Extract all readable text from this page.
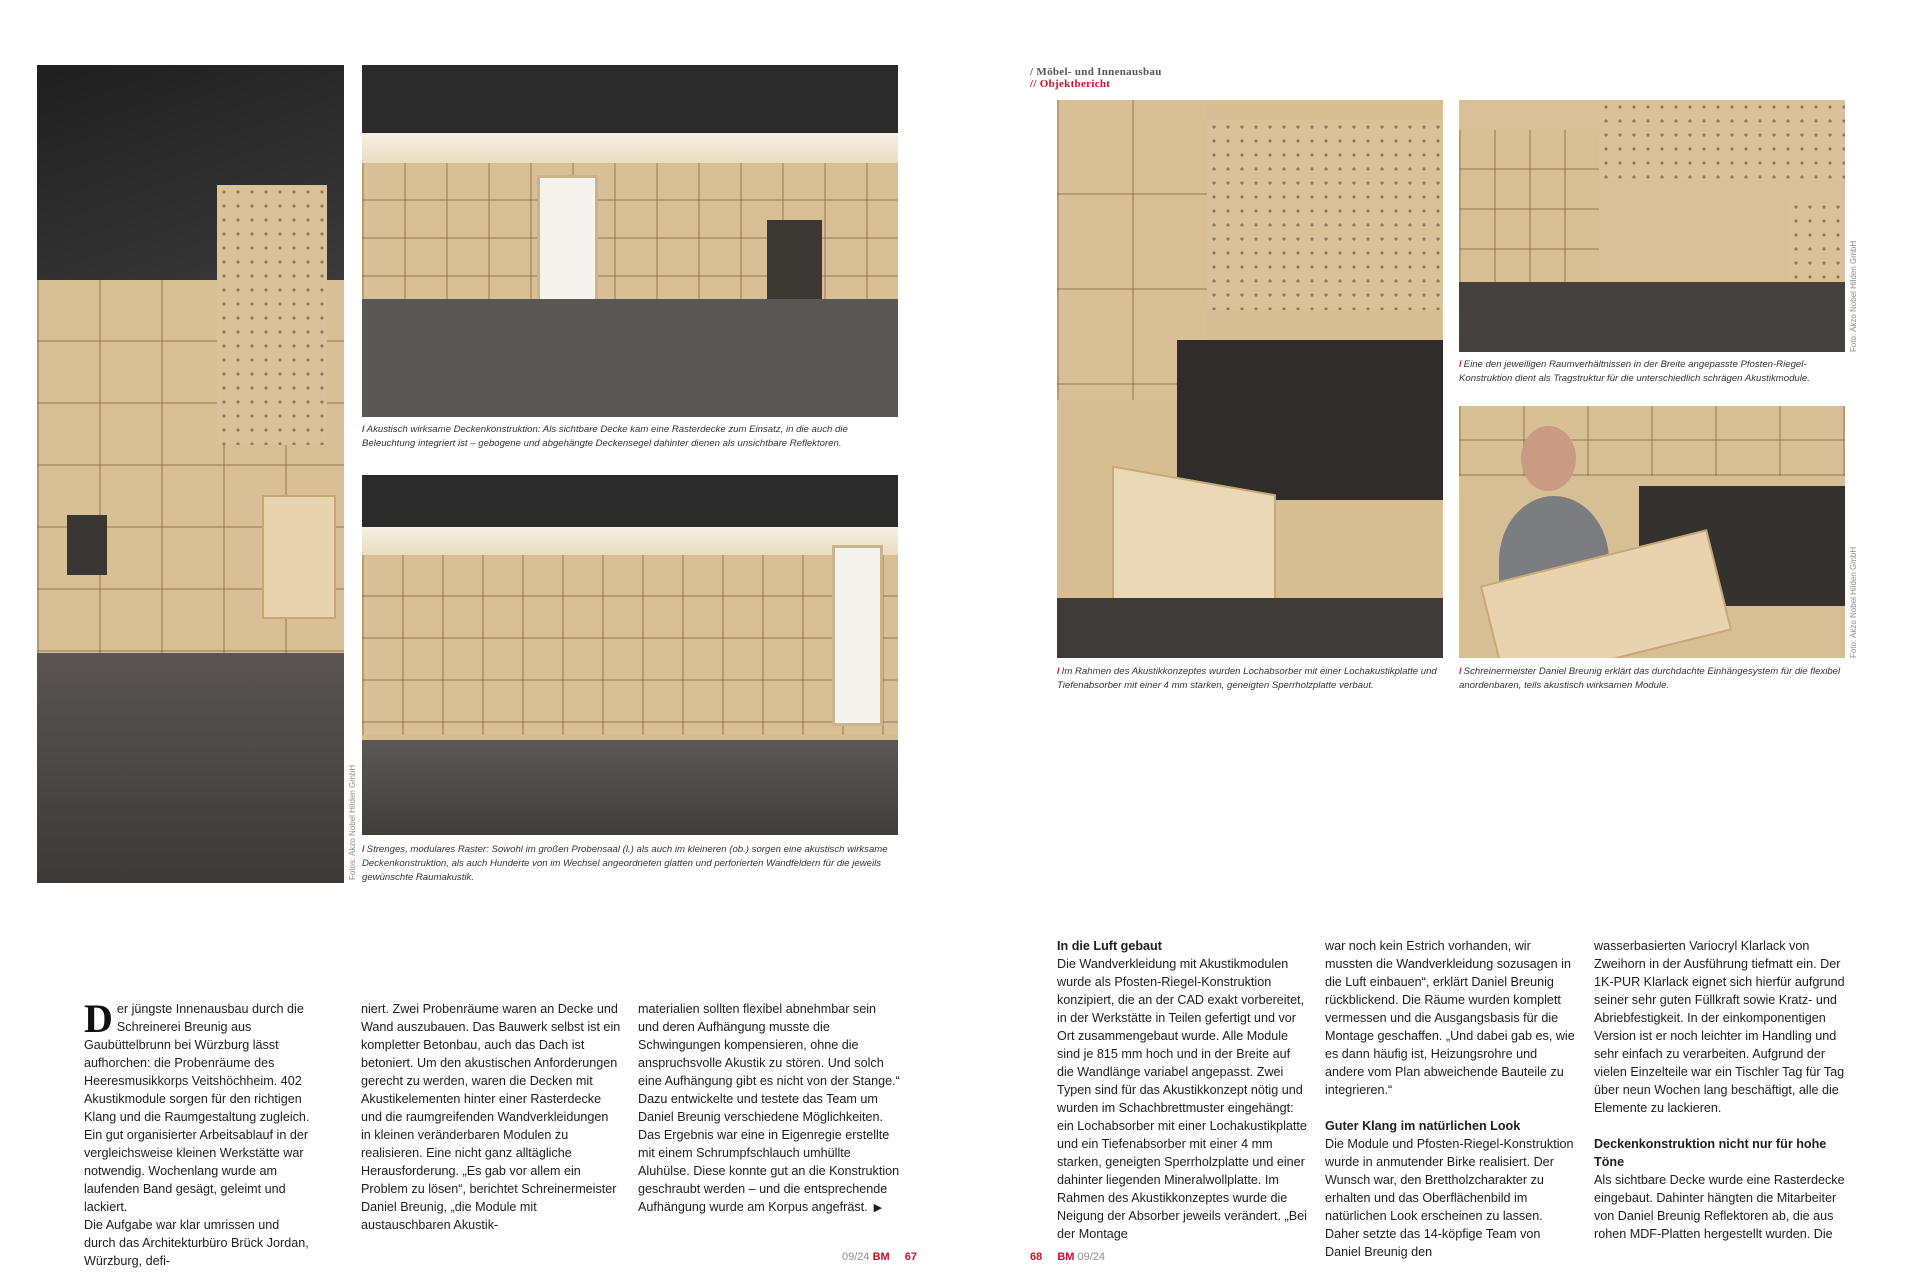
Fotos: Akzo Nobel Hilden GmbH
/ Akustisch wirksame Deckenkonstruktion: Als sichtbare Decke kam eine Rasterdecke zum Einsatz, in die auch die Beleuchtung integriert ist – gebogene und abgehängte Deckensegel dahinter dienen als unsichtbare Reflektoren.
/ Strenges, modulares Raster: Sowohl im großen Probensaal (l.) als auch im kleineren (ob.) sorgen eine akustisch wirksame Deckenkonstruktion, als auch Hunderte von im Wechsel angeordneten glatten und perforierten Wandfeldern für die jeweils gewünschte Raumakustik.

Der jüngste Innenausbau durch die Schreinerei Breunig aus Gaubüttelbrunn bei Würzburg lässt aufhorchen: die Probenräume des Heeresmusikkorps Veitshöchheim. 402 Akustikmodule sorgen für den richtigen Klang und die Raumgestaltung zugleich. Ein gut organisierter Arbeitsablauf in der vergleichsweise kleinen Werkstätte war notwendig. Wochenlang wurde am laufenden Band gesägt, geleimt und lackiert.

Die Aufgabe war klar umrissen und durch das Architekturbüro Brück Jordan, Würzburg, defi-

niert. Zwei Probenräume waren an Decke und Wand auszubauen. Das Bauwerk selbst ist ein kompletter Betonbau, auch das Dach ist betoniert. Um den akustischen Anforderungen gerecht zu werden, waren die Decken mit Akustikelementen hinter einer Rasterdecke und die raumgreifenden Wandverkleidungen in kleinen veränderbaren Modulen zu realisieren. Eine nicht ganz alltägliche Herausforderung. „Es gab vor allem ein Problem zu lösen“, berichtet Schreinermeister Daniel Breunig, „die Module mit austauschbaren Akustik-

materialien sollten flexibel abnehmbar sein und deren Aufhängung musste die Schwingungen kompensieren, ohne die anspruchsvolle Akustik zu stören. Und solch eine Aufhängung gibt es nicht von der Stange.“ Dazu entwickelte und testete das Team um Daniel Breunig verschiedene Möglichkeiten. Das Ergebnis war eine in Eigenregie erstellte mit einem Schrumpfschlauch umhüllte Aluhülse. Diese konnte gut an die Konstruktion geschraubt werden – und die entsprechende Aufhängung wurde am Korpus angefräst. ▶

09/24 BM 67
/ Möbel- und Innenausbau
// Objektbericht
/ Im Rahmen des Akustikkonzeptes wurden Lochabsorber mit einer Lochakustikplatte und Tiefenabsorber mit einer 4 mm starken, geneigten Sperrholzplatte verbaut.
Foto: Akzo Nobel Hilden GmbH
/ Eine den jeweiligen Raumverhältnissen in der Breite angepasste Pfosten-Riegel-Konstruktion dient als Tragstruktur für die unterschiedlich schrägen Akustikmodule.
Foto: Akzo Nobel Hilden GmbH
/ Schreinermeister Daniel Breunig erklärt das durchdachte Einhängesystem für die flexibel anordenbaren, teils akustisch wirksamen Module.
In die Luft gebaut

Die Wandverkleidung mit Akustikmodulen wurde als Pfosten-Riegel-Konstruktion konzipiert, die an der CAD exakt vorbereitet, in der Werkstätte in Teilen gefertigt und vor Ort zusammengebaut wurde. Alle Module sind je 815 mm hoch und in der Breite auf die Wandlänge variabel angepasst. Zwei Typen sind für das Akustikkonzept nötig und wurden im Schachbrettmuster eingehängt: ein Lochabsorber mit einer Lochakustikplatte und ein Tiefenabsorber mit einer 4 mm starken, geneigten Sperrholzplatte und einer dahinter liegenden Mineralwollplatte. Im Rahmen des Akustikkonzeptes wurde die Neigung der Absorber jeweils verändert. „Bei der Montage

war noch kein Estrich vorhanden, wir mussten die Wandverkleidung sozusagen in die Luft einbauen“, erklärt Daniel Breunig rückblickend. Die Räume wurden komplett vermessen und die Ausgangsbasis für die Montage geschaffen. „Und dabei gab es, wie es dann häufig ist, Heizungsrohre und andere vom Plan abweichende Bauteile zu integrieren.“

Guter Klang im natürlichen Look

Die Module und Pfosten-Riegel-Konstruktion wurde in anmutender Birke realisiert. Der Wunsch war, den Brettholzcharakter zu erhalten und das Oberflächenbild im natürlichen Look erscheinen zu lassen. Daher setzte das 14-köpfige Team von Daniel Breunig den

wasserbasierten Variocryl Klarlack von Zweihorn in der Ausführung tiefmatt ein. Der 1K-PUR Klarlack eignet sich hierfür aufgrund seiner sehr guten Füllkraft sowie Kratz- und Abriebfestigkeit. In der einkomponentigen Version ist er noch leichter im Handling und sehr einfach zu verarbeiten. Aufgrund der vielen Einzelteile war ein Tischler Tag für Tag über neun Wochen lang beschäftigt, alle die Elemente zu lackieren.

Deckenkonstruktion nicht nur für hohe Töne

Als sichtbare Decke wurde eine Rasterdecke eingebaut. Dahinter hängten die Mitarbeiter von Daniel Breunig Reflektoren ab, die aus rohen MDF-Platten hergestellt wurden. Die

68 BM 09/24
